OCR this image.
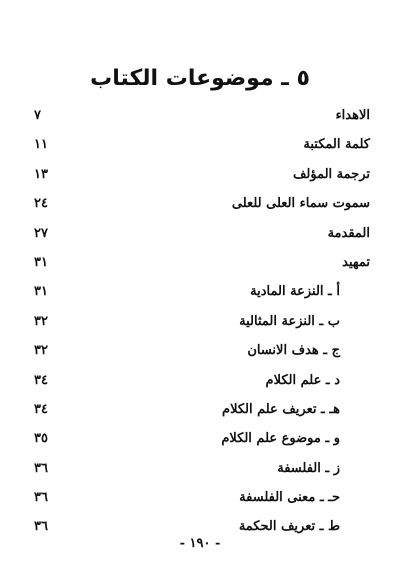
٥ ـ موضوعات الكتاب
الاهداء
٧
كلمة المكتبة
١١
ترجمة المؤلف
١٣
سموت سماء العلى للعلى
٢٤
المقدمة
٢٧
تمهيد
٣١
أ ـ النزعة المادية
٣١
ب ـ النزعة المثالية
٣٢
ج ـ هدف الانسان
٣٢
د ـ علم الكلام
٣٤
هـ ـ تعريف علم الكلام
٣٤
و ـ موضوع علم الكلام
٣٥
ز ـ الفلسفة
٣٦
حـ ـ معنى الفلسفة
٣٦
ط ـ تعريف الحكمة
٣٦
- ١٩٠ -
